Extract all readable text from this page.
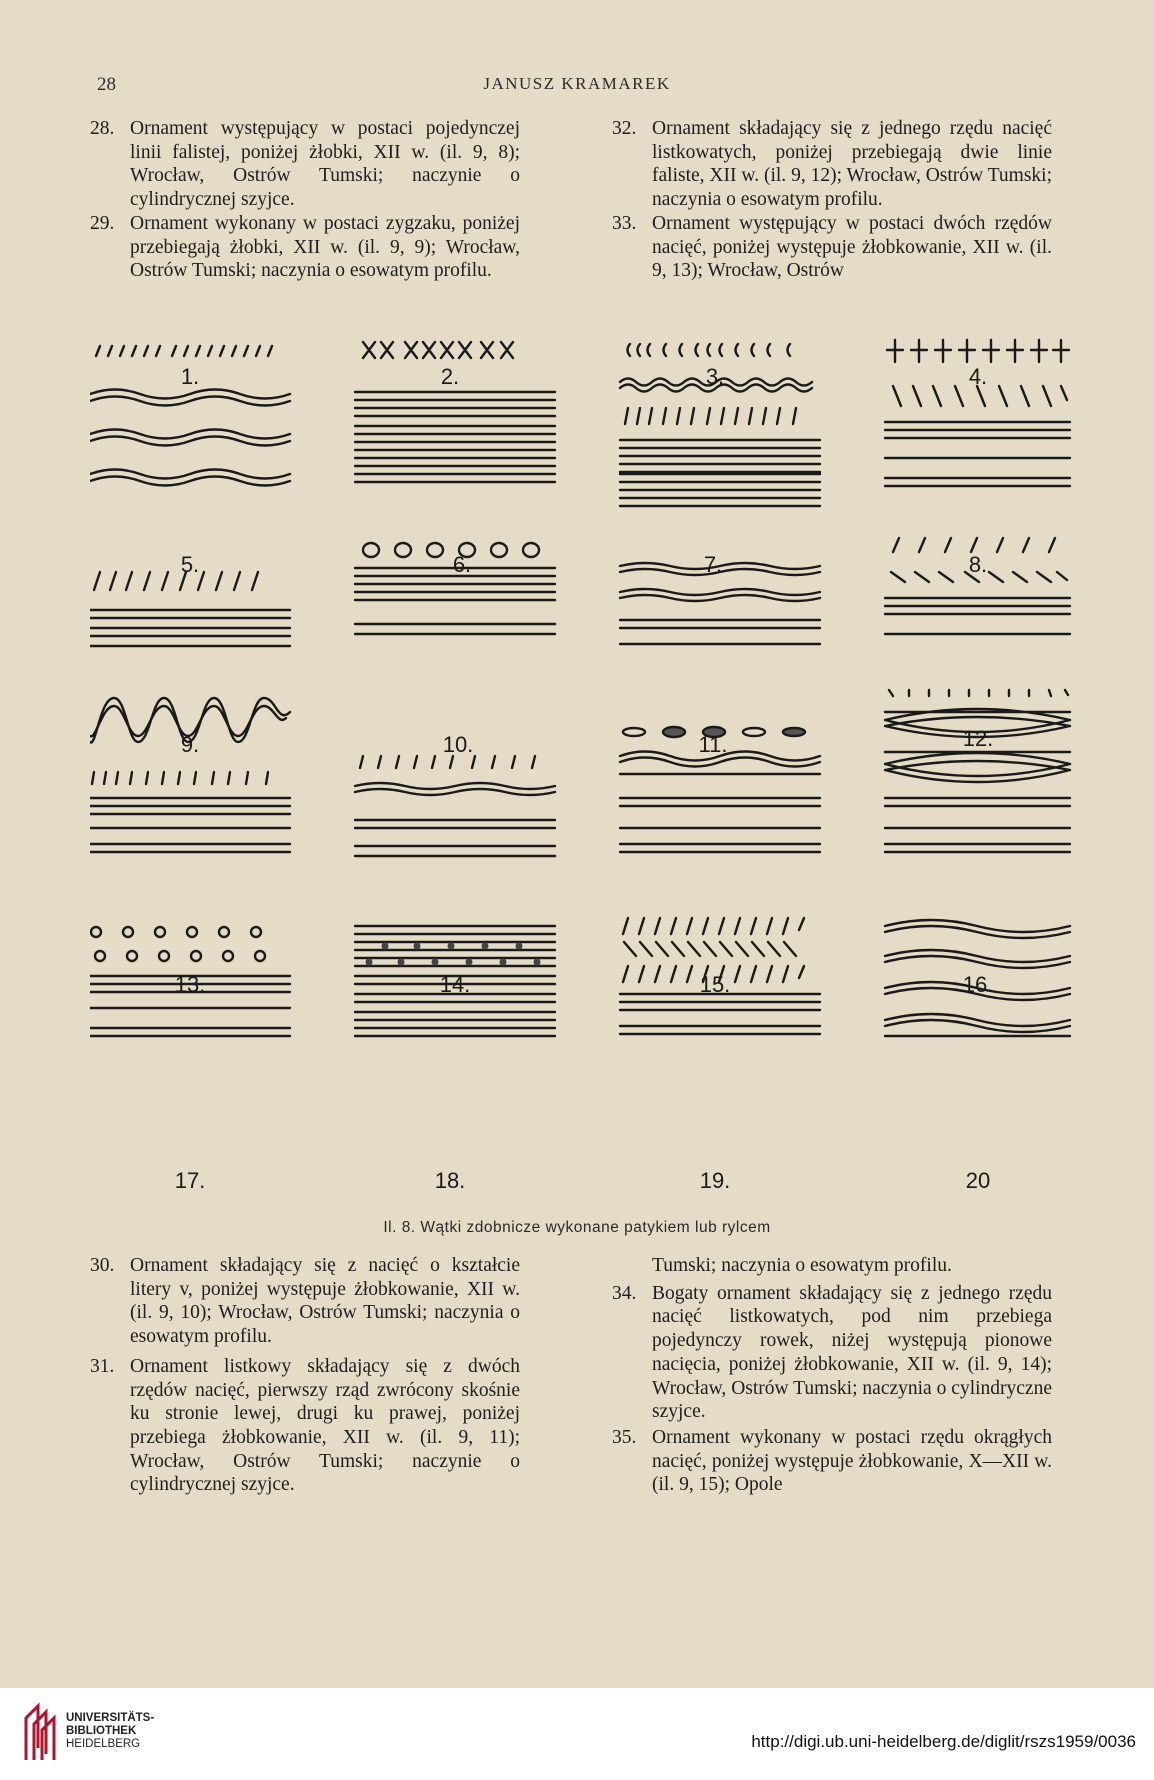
28	JANUSZ KRAMAREK
28. Ornament występujący w postaci pojedynczej linii falistej, poniżej żłobki, XII w. (il. 9, 8); Wrocław, Ostrów Tumski; naczynie o cylindrycznej szyjce.
29. Ornament wykonany w postaci zygzaku, poniżej przebiegają żłobki, XII w. (il. 9, 9); Wrocław, Ostrów Tumski; naczynia o esowatym profilu.
32. Ornament składający się z jednego rzędu nacięć listkowatych, poniżej przebiegają dwie linie faliste, XII w. (il. 9, 12); Wrocław, Ostrów Tumski; naczynia o esowatym profilu.
33. Ornament występujący w postaci dwóch rzędów nacięć, poniżej występuje żłobkowanie, XII w. (il. 9, 13); Wrocław, Ostrów
1.	2.	3.	4.
5.	6.	7.	8.
9.	10.	11.	12.
13.	14.	15.	16.
17.	18.	19.	20
Il. 8. Wątki zdobnicze wykonane patykiem lub rylcem
30. Ornament składający się z nacięć o kształcie litery v, poniżej występuje żłobkowanie, XII w. (il. 9, 10); Wrocław, Ostrów Tumski; naczynia o esowatym profilu.
31. Ornament listkowy składający się z dwóch rzędów nacięć, pierwszy rząd zwrócony skośnie ku stronie lewej, drugi ku prawej, poniżej przebiega żłobkowanie, XII w. (il. 9, 11); Wrocław, Ostrów Tumski; naczynie o cylindrycznej szyjce.
Tumski; naczynia o esowatym profilu.
34. Bogaty ornament składający się z jednego rzędu nacięć listkowatych, pod nim przebiega pojedynczy rowek, niżej występują pionowe nacięcia, poniżej żłobkowanie, XII w. (il. 9, 14); Wrocław, Ostrów Tumski; naczynia o cylindryczne szyjce.
35. Ornament wykonany w postaci rzędu okrągłych nacięć, poniżej występuje żłobkowanie, X—XII w. (il. 9, 15); Opole
UNIVERSITÄTS-
BIBLIOTHEK
HEIDELBERG	http://digi.ub.uni-heidelberg.de/diglit/rszs1959/0036
